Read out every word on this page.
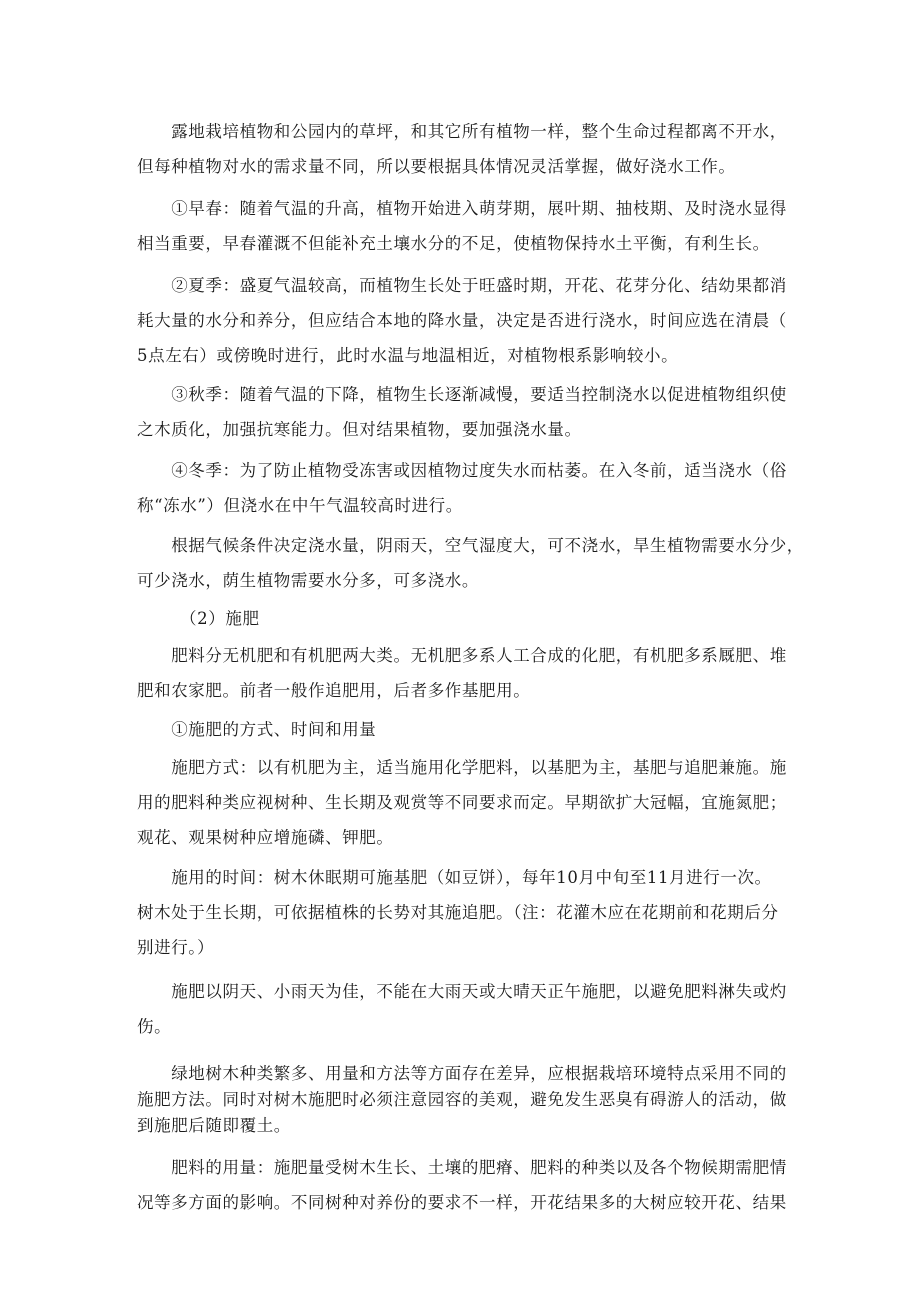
　　露地栽培植物和公园内的草坪，和其它所有植物一样，整个生命过程都离不开水，
但每种植物对水的需求量不同，所以要根据具体情况灵活掌握，做好浇水工作。
　　①早春：随着气温的升高，植物开始进入萌芽期，展叶期、抽枝期、及时浇水显得
相当重要，早春灌溉不但能补充土壤水分的不足，使植物保持水土平衡，有利生长。
　　②夏季：盛夏气温较高，而植物生长处于旺盛时期，开花、花芽分化、结幼果都消
耗大量的水分和养分，但应结合本地的降水量，决定是否进行浇水，时间应选在清晨（
5点左右）或傍晚时进行，此时水温与地温相近，对植物根系影响较小。
　　③秋季：随着气温的下降，植物生长逐渐减慢，要适当控制浇水以促进植物组织使
之木质化，加强抗寒能力。但对结果植物，要加强浇水量。
　　④冬季：为了防止植物受冻害或因植物过度失水而枯萎。在入冬前，适当浇水（俗
称“冻水”）但浇水在中午气温较高时进行。
　　根据气候条件决定浇水量，阴雨天，空气湿度大，可不浇水，旱生植物需要水分少，
可少浇水，荫生植物需要水分多，可多浇水。
　　　（2）施肥
　　肥料分无机肥和有机肥两大类。无机肥多系人工合成的化肥，有机肥多系厩肥、堆
肥和农家肥。前者一般作追肥用，后者多作基肥用。
　　①施肥的方式、时间和用量
　　施肥方式：以有机肥为主，适当施用化学肥料，以基肥为主，基肥与追肥兼施。施
用的肥料种类应视树种、生长期及观赏等不同要求而定。早期欲扩大冠幅，宜施氮肥；
观花、观果树种应增施磷、钾肥。
　　施用的时间：树木休眠期可施基肥（如豆饼），每年10月中旬至11月进行一次。
树木处于生长期，可依据植株的长势对其施追肥。（注：花灌木应在花期前和花期后分
别进行。）
　　施肥以阴天、小雨天为佳，不能在大雨天或大晴天正午施肥，以避免肥料淋失或灼
伤。
　　绿地树木种类繁多、用量和方法等方面存在差异，应根据栽培环境特点采用不同的
施肥方法。同时对树木施肥时必须注意园容的美观，避免发生恶臭有碍游人的活动，做
到施肥后随即覆土。
　　肥料的用量：施肥量受树木生长、土壤的肥瘠、肥料的种类以及各个物候期需肥情
况等多方面的影响。不同树种对养份的要求不一样，开花结果多的大树应较开花、结果
